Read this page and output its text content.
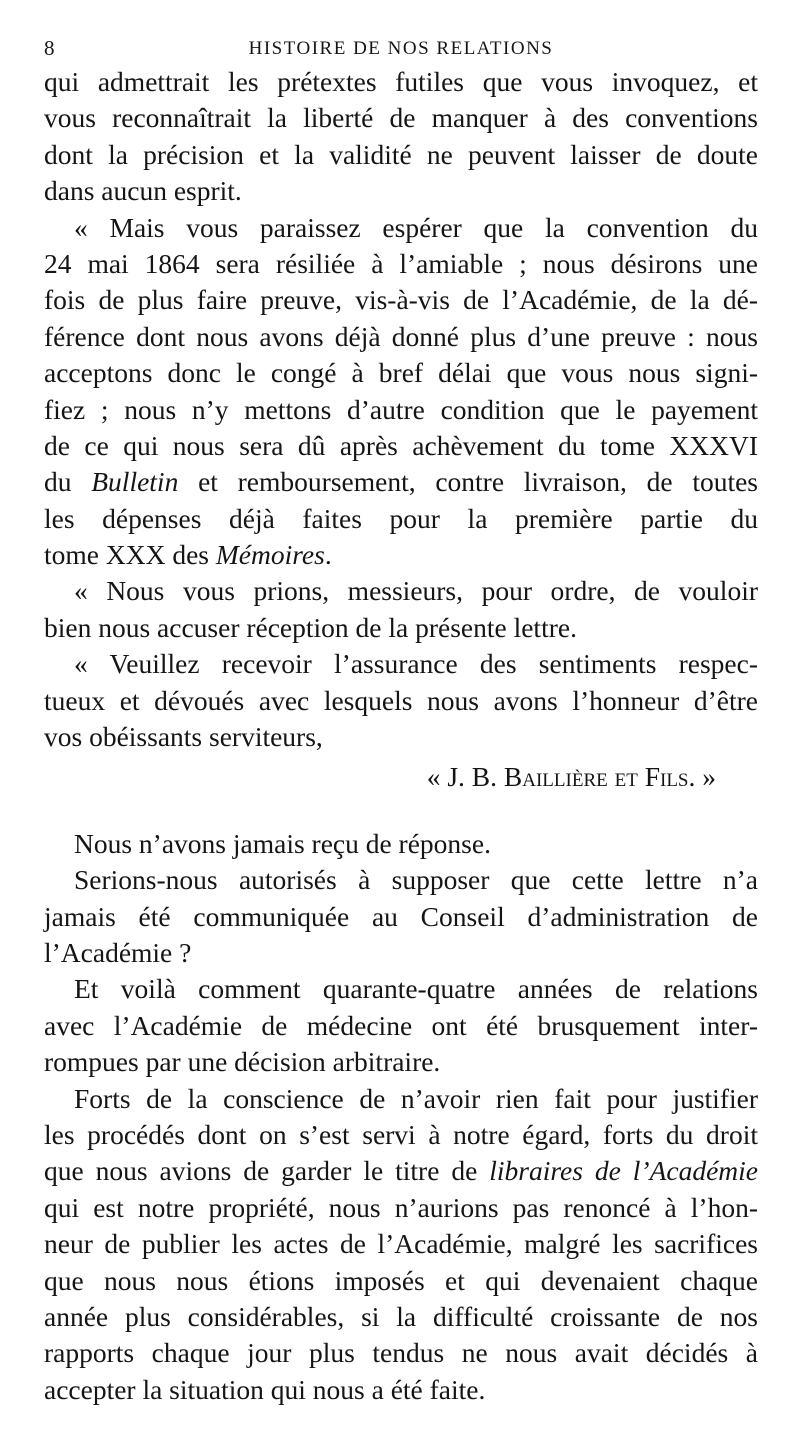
8	HISTOIRE DE NOS RELATIONS
qui admettrait les prétextes futiles que vous invoquez, et
vous reconnaîtrait la liberté de manquer à des conventions
dont la précision et la validité ne peuvent laisser de doute
dans aucun esprit.
« Mais vous paraissez espérer que la convention du
24 mai 1864 sera résiliée à l’amiable ; nous désirons une
fois de plus faire preuve, vis-à-vis de l’Académie, de la dé-
férence dont nous avons déjà donné plus d’une preuve : nous
acceptons donc le congé à bref délai que vous nous signi-
fiez ; nous n’y mettons d’autre condition que le payement
de ce qui nous sera dû après achèvement du tome XXXVI
du Bulletin et remboursement, contre livraison, de toutes
les dépenses déjà faites pour la première partie du
tome XXX des Mémoires.
« Nous vous prions, messieurs, pour ordre, de vouloir
bien nous accuser réception de la présente lettre.
« Veuillez recevoir l’assurance des sentiments respec-
tueux et dévoués avec lesquels nous avons l’honneur d’être
vos obéissants serviteurs,
« J. B. Baillière et Fils. »
Nous n’avons jamais reçu de réponse.
Serions-nous autorisés à supposer que cette lettre n’a
jamais été communiquée au Conseil d’administration de
l’Académie ?
Et voilà comment quarante-quatre années de relations
avec l’Académie de médecine ont été brusquement inter-
rompues par une décision arbitraire.
Forts de la conscience de n’avoir rien fait pour justifier
les procédés dont on s’est servi à notre égard, forts du droit
que nous avions de garder le titre de libraires de l’Académie
qui est notre propriété, nous n’aurions pas renoncé à l’hon-
neur de publier les actes de l’Académie, malgré les sacrifices
que nous nous étions imposés et qui devenaient chaque
année plus considérables, si la difficulté croissante de nos
rapports chaque jour plus tendus ne nous avait décidés à
accepter la situation qui nous a été faite.
